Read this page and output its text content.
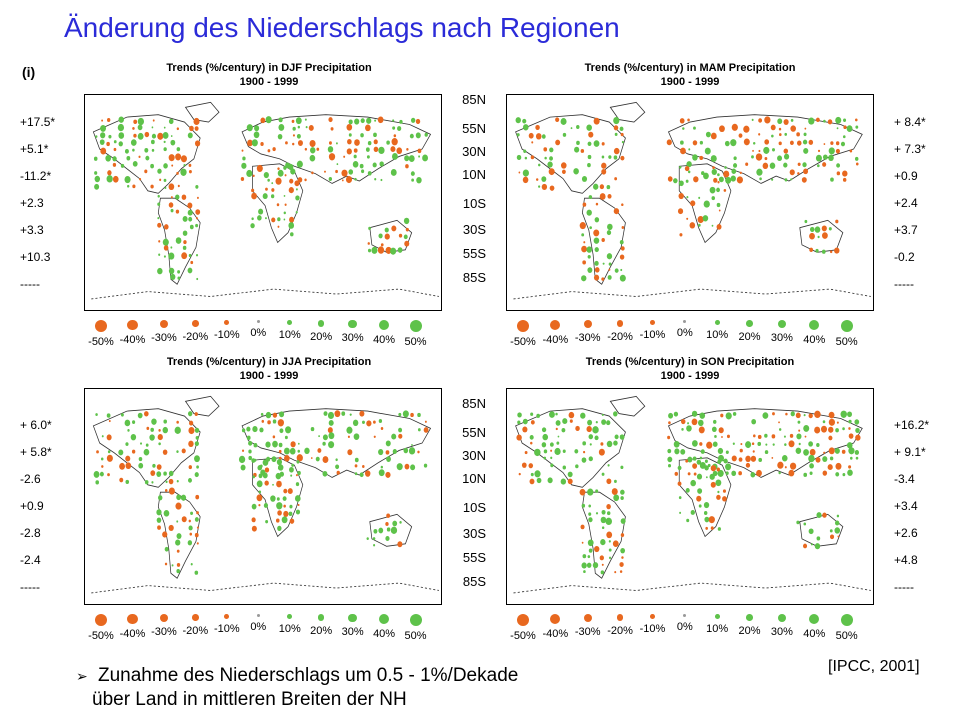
Änderung des Niederschlags nach Regionen
(i)	Trends (%/century) in DJF Precipitation
1900 - 1999
-50% -40% -30% -20% -10% 0%	10% 20% 30% 40% 50%
Trends (%/century) in MAM Precipitation
1900 - 1999
-50% -40% -30% -20% -10%	0%	10% 20% 30% 40% 50%
Trends (%/century) in JJA Precipitation
1900 - 1999
-50% -40% -30% -20% -10% 0%	10% 20% 30% 40% 50%
Trends (%/century) in SON Precipitation
1900 - 1999
-50% -40% -30% -20% -10%	0%	10% 20% 30% 40% 50%
85N
55N
30N
10N
10S
30S
55S
85S
85N
55N
30N
10N
10S
30S
55S
85S
+17.5*
+5.1*
-11.2*
+2.3
+3.3
+10.3
-----
+ 8.4*
+ 7.3*
+0.9
+2.4
+3.7
-0.2
-----
+ 6.0*
+ 5.8*
-2.6
+0.9
-2.8
-2.4
-----
+16.2*
+ 9.1*
-3.4
+3.4
+2.6
+4.8
-----
➢ Zunahme des Niederschlags um 0.5 - 1%/Dekade
über Land in mittleren Breiten der NH
[IPCC, 2001]
